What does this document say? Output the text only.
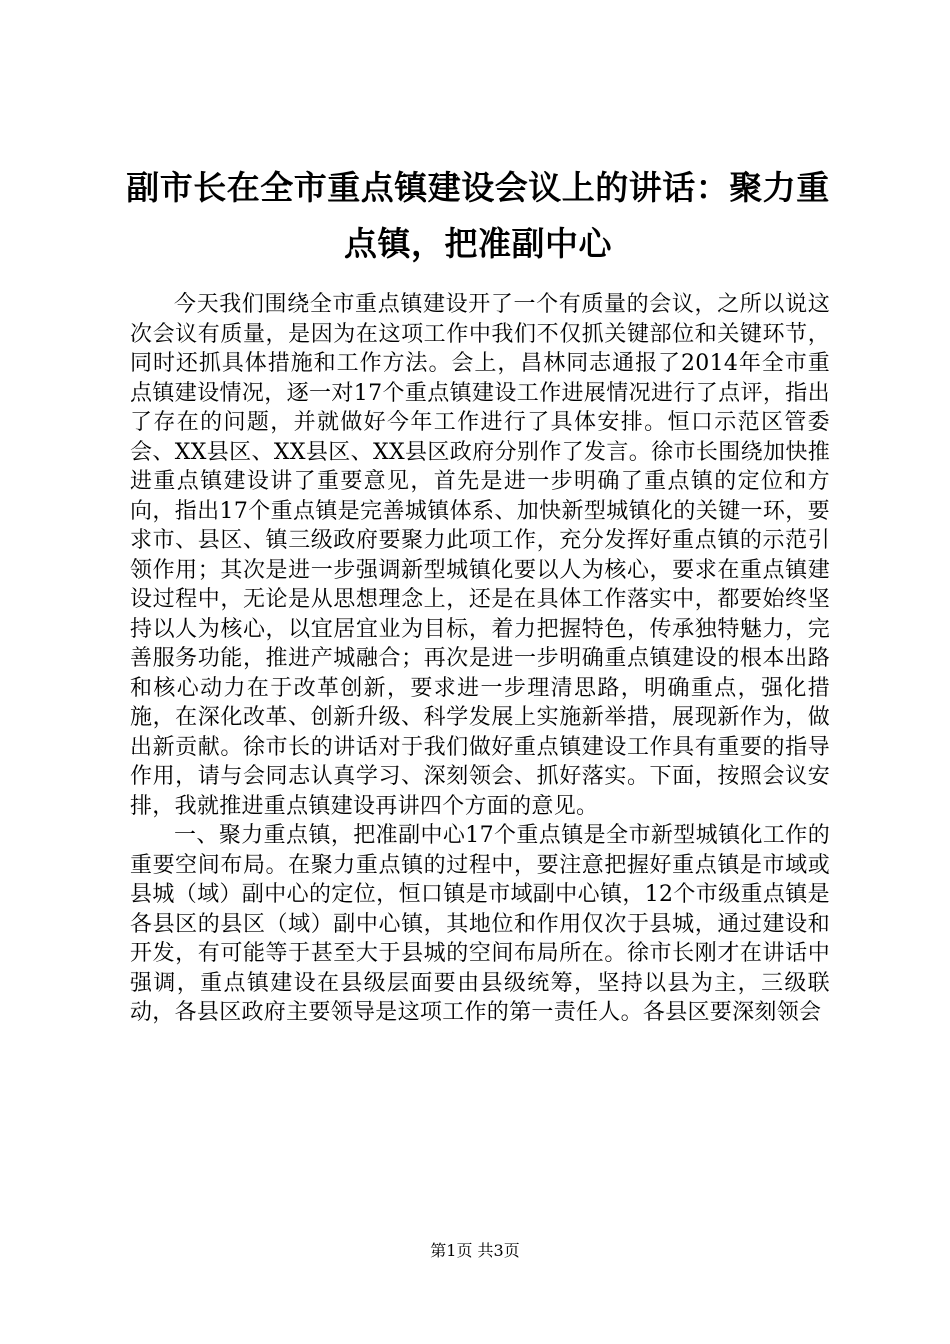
副市长在全市重点镇建设会议上的讲话：聚力重点镇，把准副中心

今天我们围绕全市重点镇建设开了一个有质量的会议，之所以说这次会议有质量，是因为在这项工作中我们不仅抓关键部位和关键环节，同时还抓具体措施和工作方法。会上，昌林同志通报了2014年全市重点镇建设情况，逐一对17个重点镇建设工作进展情况进行了点评，指出了存在的问题，并就做好今年工作进行了具体安排。恒口示范区管委会、XX县区、XX县区、XX县区政府分别作了发言。徐市长围绕加快推进重点镇建设讲了重要意见，首先是进一步明确了重点镇的定位和方向，指出17个重点镇是完善城镇体系、加快新型城镇化的关键一环，要求市、县区、镇三级政府要聚力此项工作，充分发挥好重点镇的示范引领作用；其次是进一步强调新型城镇化要以人为核心，要求在重点镇建设过程中，无论是从思想理念上，还是在具体工作落实中，都要始终坚持以人为核心，以宜居宜业为目标，着力把握特色，传承独特魅力，完善服务功能，推进产城融合；再次是进一步明确重点镇建设的根本出路和核心动力在于改革创新，要求进一步理清思路，明确重点，强化措施，在深化改革、创新升级、科学发展上实施新举措，展现新作为，做出新贡献。徐市长的讲话对于我们做好重点镇建设工作具有重要的指导作用，请与会同志认真学习、深刻领会、抓好落实。下面，按照会议安排，我就推进重点镇建设再讲四个方面的意见。

一、聚力重点镇，把准副中心17个重点镇是全市新型城镇化工作的重要空间布局。在聚力重点镇的过程中，要注意把握好重点镇是市域或县城（域）副中心的定位，恒口镇是市域副中心镇，12个市级重点镇是各县区的县区（域）副中心镇，其地位和作用仅次于县城，通过建设和开发，有可能等于甚至大于县城的空间布局所在。徐市长刚才在讲话中强调，重点镇建设在县级层面要由县级统筹，坚持以县为主，三级联动，各县区政府主要领导是这项工作的第一责任人。各县区要深刻领会

第1页 共3页
